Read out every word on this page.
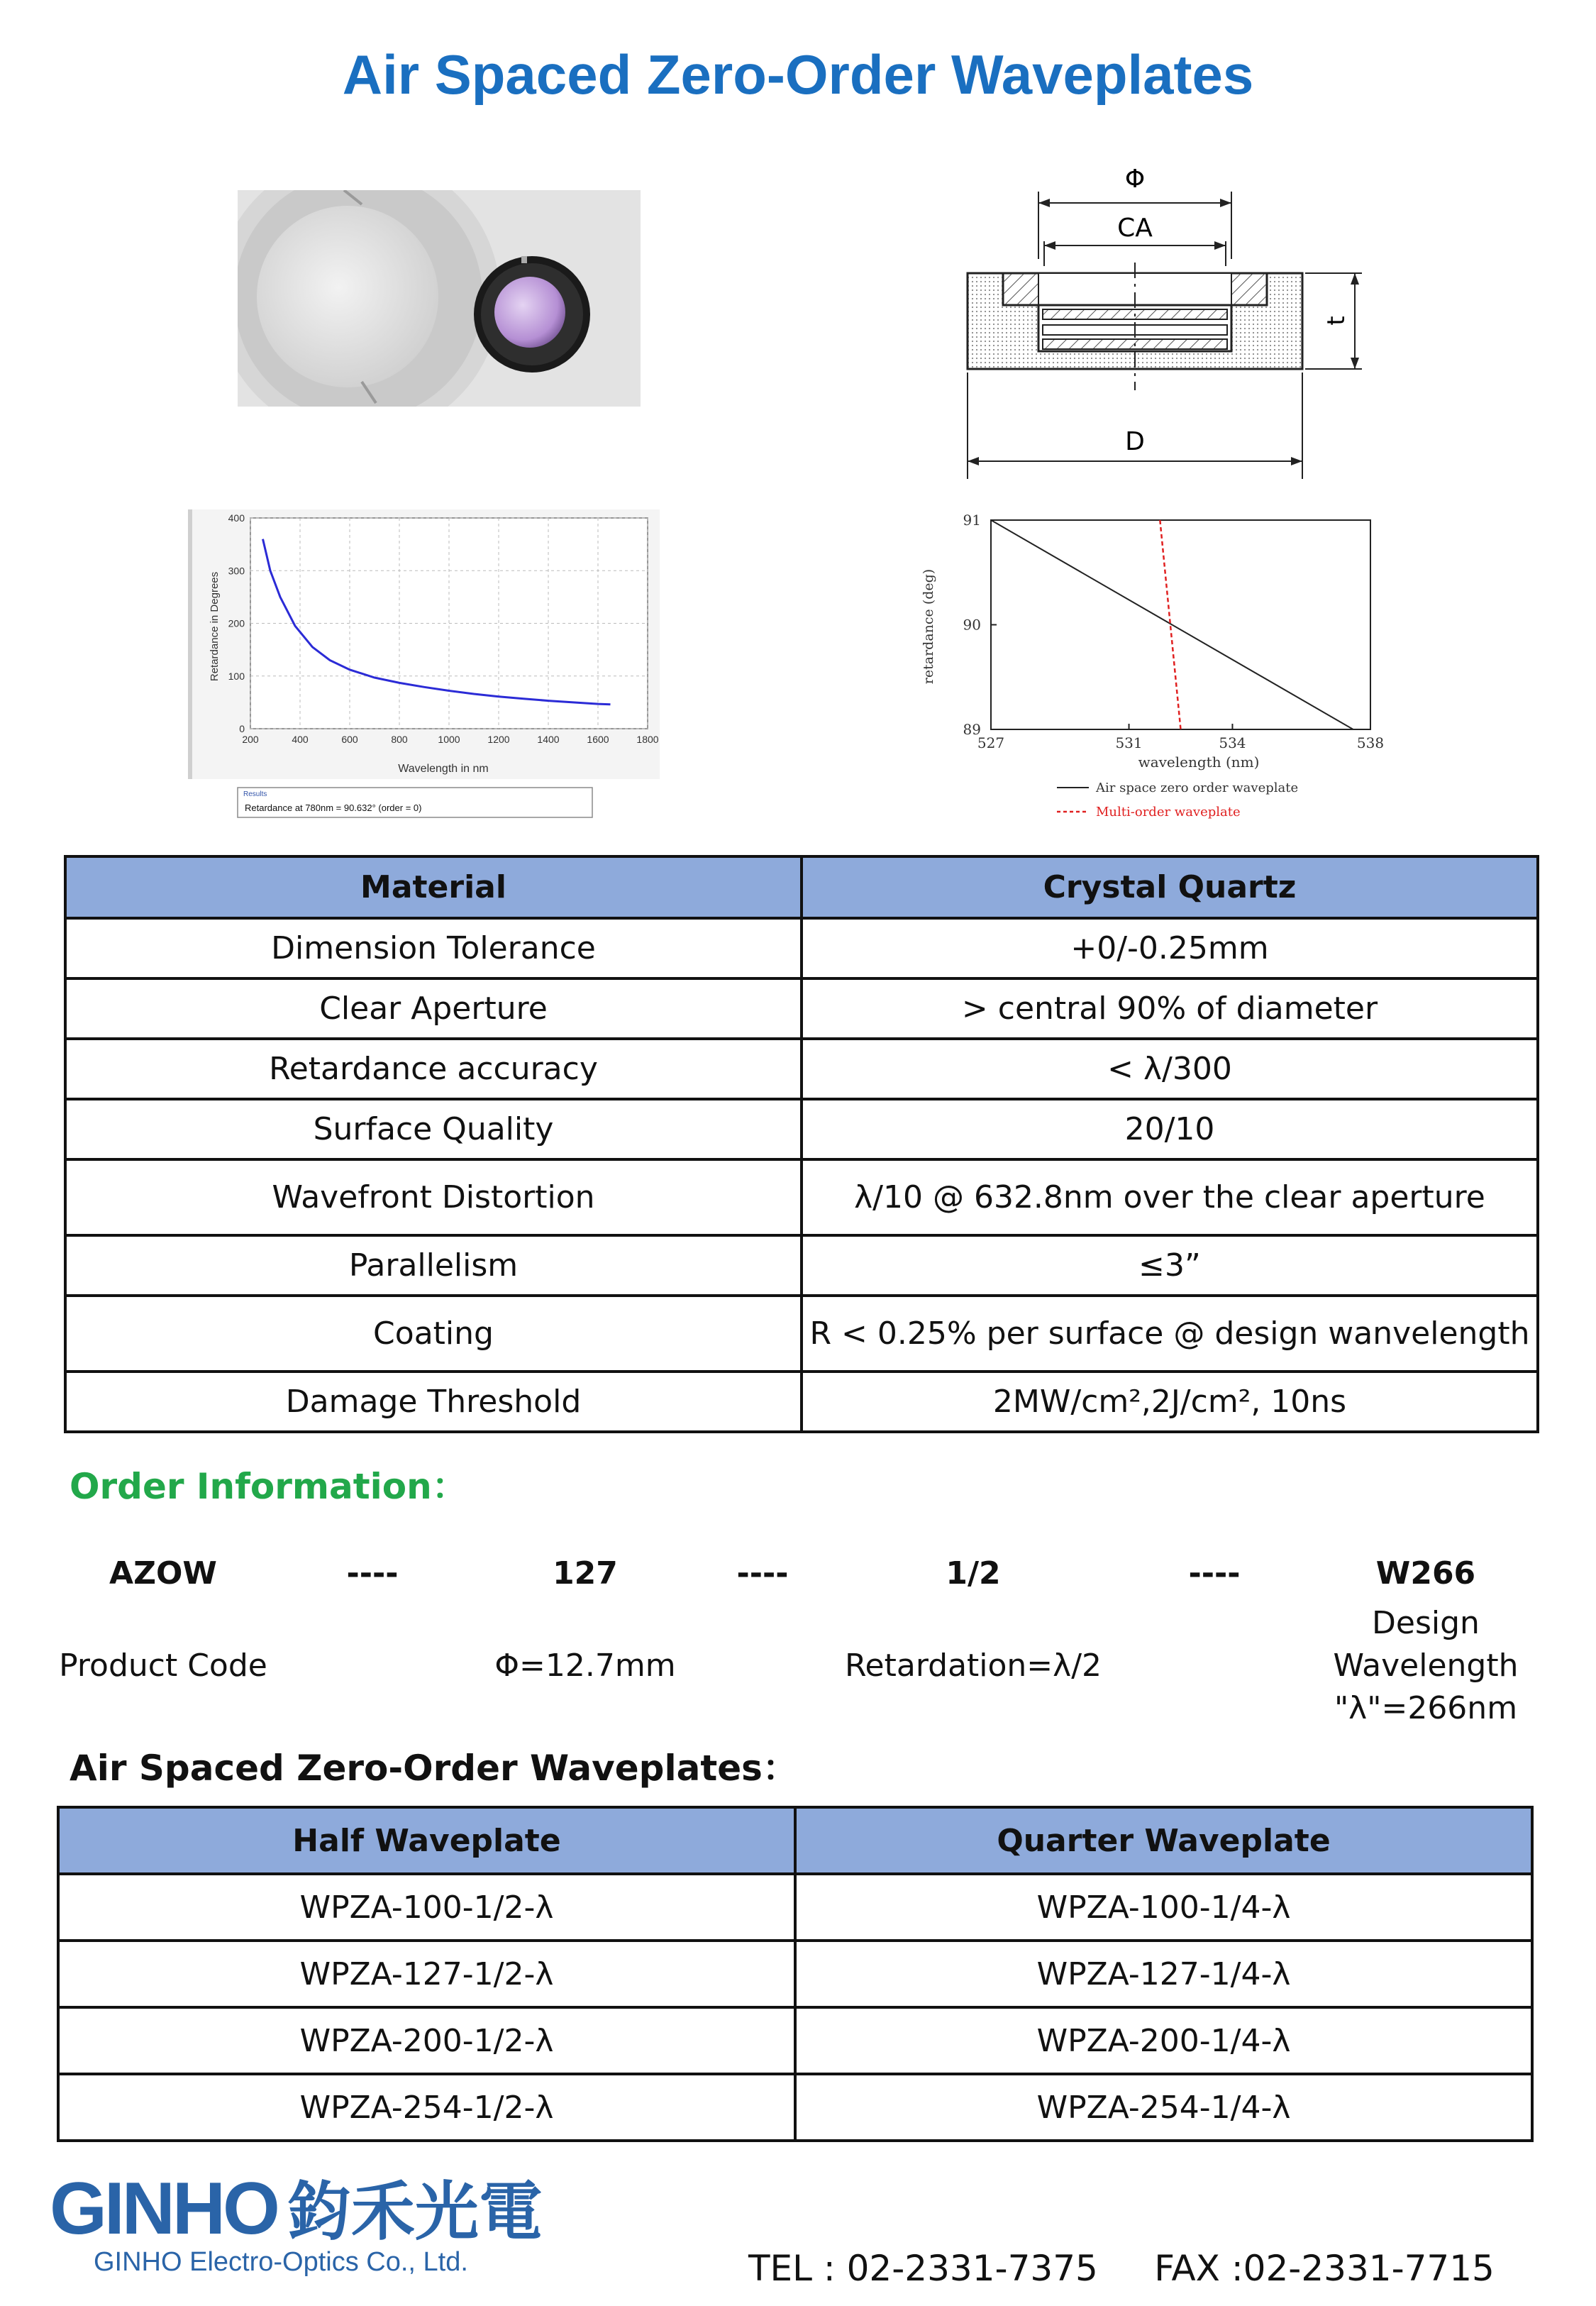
Air Spaced Zero-Order Waveplates
Φ
CA
t
D
0
100
200
300
400
200	400	600	800	1000	1200	1400	1600	1800
Retardance in Degrees
Wavelength in nm
Results
Retardance at 780nm = 90.632° (order = 0)
89
90
91
527	531	534	538
retardance (deg)
wavelength (nm)
Air space zero order waveplate
Multi-order waveplate
Material	Crystal Quartz
Dimension Tolerance	+0/-0.25mm
Clear Aperture	> central 90% of diameter
Retardance accuracy	< λ/300
Surface Quality	20/10
Wavefront Distortion	λ/10 @ 632.8nm over the clear aperture
Parallelism	≤3”
Coating	R < 0.25% per surface @ design wanvelength
Damage Threshold	2MW/cm²,2J/cm², 10ns
Order Information：
AZOW	----	127	----	1/2	----	W266
Product Code	Φ=12.7mm	Retardation=λ/2
Design
Wavelength
"λ"=266nm
Air Spaced Zero-Order Waveplates：
Half Waveplate	Quarter Waveplate
WPZA-100-1/2-λ	WPZA-100-1/4-λ
WPZA-127-1/2-λ	WPZA-127-1/4-λ
WPZA-200-1/2-λ	WPZA-200-1/4-λ
WPZA-254-1/2-λ	WPZA-254-1/4-λ
GINHO 鈞禾光電
GINHO Electro-Optics Co., Ltd.	TEL : 02-2331-7375 FAX :02-2331-7715
